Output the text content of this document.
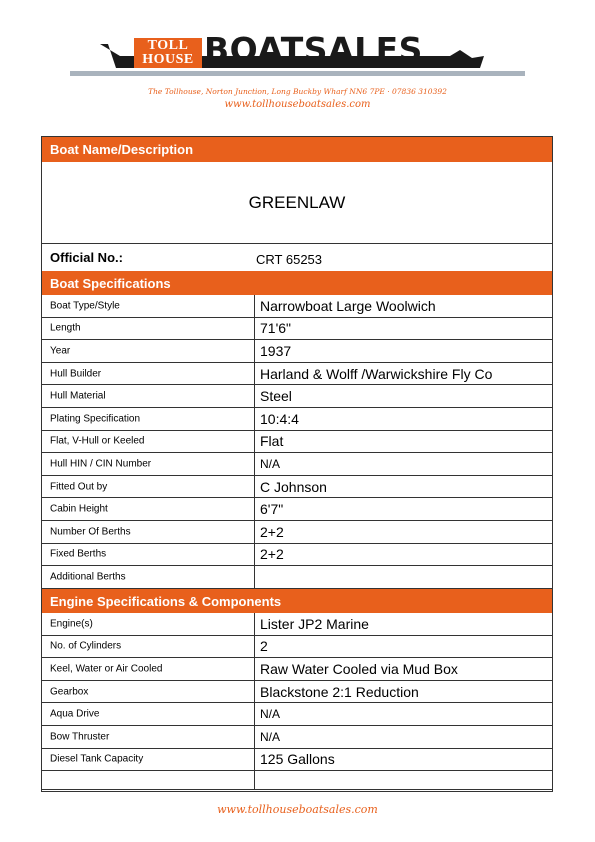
TOLL
HOUSE BOATSALES
The Tollhouse, Norton Junction, Long Buckby Wharf NN6 7PE · 07836 310392
www.tollhouseboatsales.com
Boat Name/Description
GREENLAW
Official No.:	CRT 65253
Boat Specifications
Boat Type/Style	Narrowboat Large Woolwich
Length	71'6"
Year	1937
Hull Builder	Harland & Wolff /Warwickshire Fly Co
Hull Material	Steel
Plating Specification	10:4:4
Flat, V-Hull or Keeled	Flat
Hull HIN / CIN Number	N/A
Fitted Out by	C Johnson
Cabin Height	6'7"
Number Of Berths	2+2
Fixed Berths	2+2
Additional Berths
Engine Specifications & Components
Engine(s)	Lister JP2 Marine
No. of Cylinders	2
Keel, Water or Air Cooled	Raw Water Cooled via Mud Box
Gearbox	Blackstone 2:1 Reduction
Aqua Drive	N/A
Bow Thruster	N/A
Diesel Tank Capacity	125 Gallons
www.tollhouseboatsales.com
